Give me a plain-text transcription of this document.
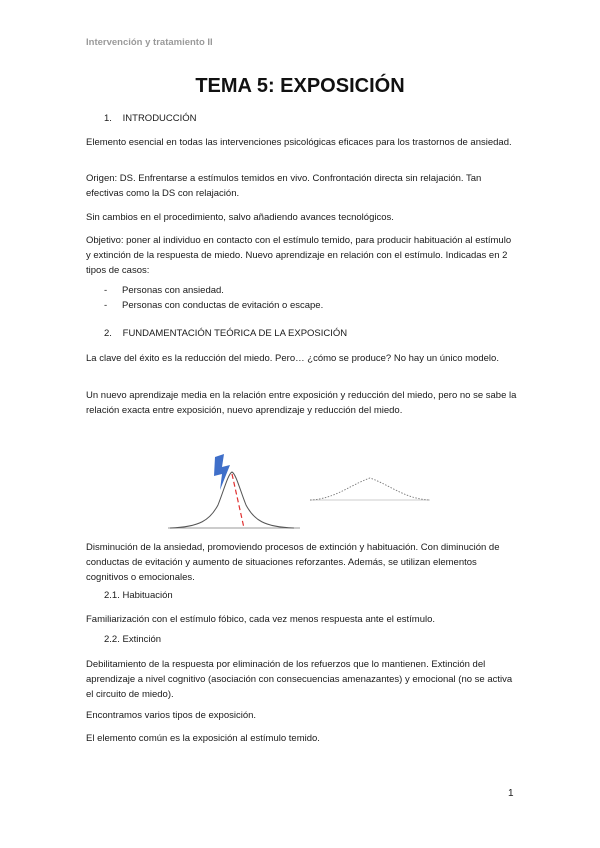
Intervención y tratamiento II
TEMA 5: EXPOSICIÓN
1. INTRODUCCIÓN
Elemento esencial en todas las intervenciones psicológicas eficaces para los trastornos de ansiedad.
Origen: DS. Enfrentarse a estímulos temidos en vivo. Confrontación directa sin relajación. Tan efectivas como la DS con relajación.
Sin cambios en el procedimiento, salvo añadiendo avances tecnológicos.
Objetivo: poner al individuo en contacto con el estímulo temido, para producir habituación al estímulo y extinción de la respuesta de miedo. Nuevo aprendizaje en relación con el estímulo. Indicadas en 2 tipos de casos:
- Personas con ansiedad.
- Personas con conductas de evitación o escape.
2. FUNDAMENTACIÓN TEÓRICA DE LA EXPOSICIÓN
La clave del éxito es la reducción del miedo. Pero… ¿cómo se produce? No hay un único modelo.
Un nuevo aprendizaje media en la relación entre exposición y reducción del miedo, pero no se sabe la relación exacta entre exposición, nuevo aprendizaje y reducción del miedo.
Disminución de la ansiedad, promoviendo procesos de extinción y habituación. Con diminución de conductas de evitación y aumento de situaciones reforzantes. Además, se utilizan elementos cognitivos o emocionales.
2.1. Habituación
Familiarización con el estímulo fóbico, cada vez menos respuesta ante el estímulo.
2.2. Extinción
Debilitamiento de la respuesta por eliminación de los refuerzos que lo mantienen. Extinción del aprendizaje a nivel cognitivo (asociación con consecuencias amenazantes) y emocional (no se activa el circuito de miedo).
Encontramos varios tipos de exposición.
El elemento común es la exposición al estímulo temido.
1
